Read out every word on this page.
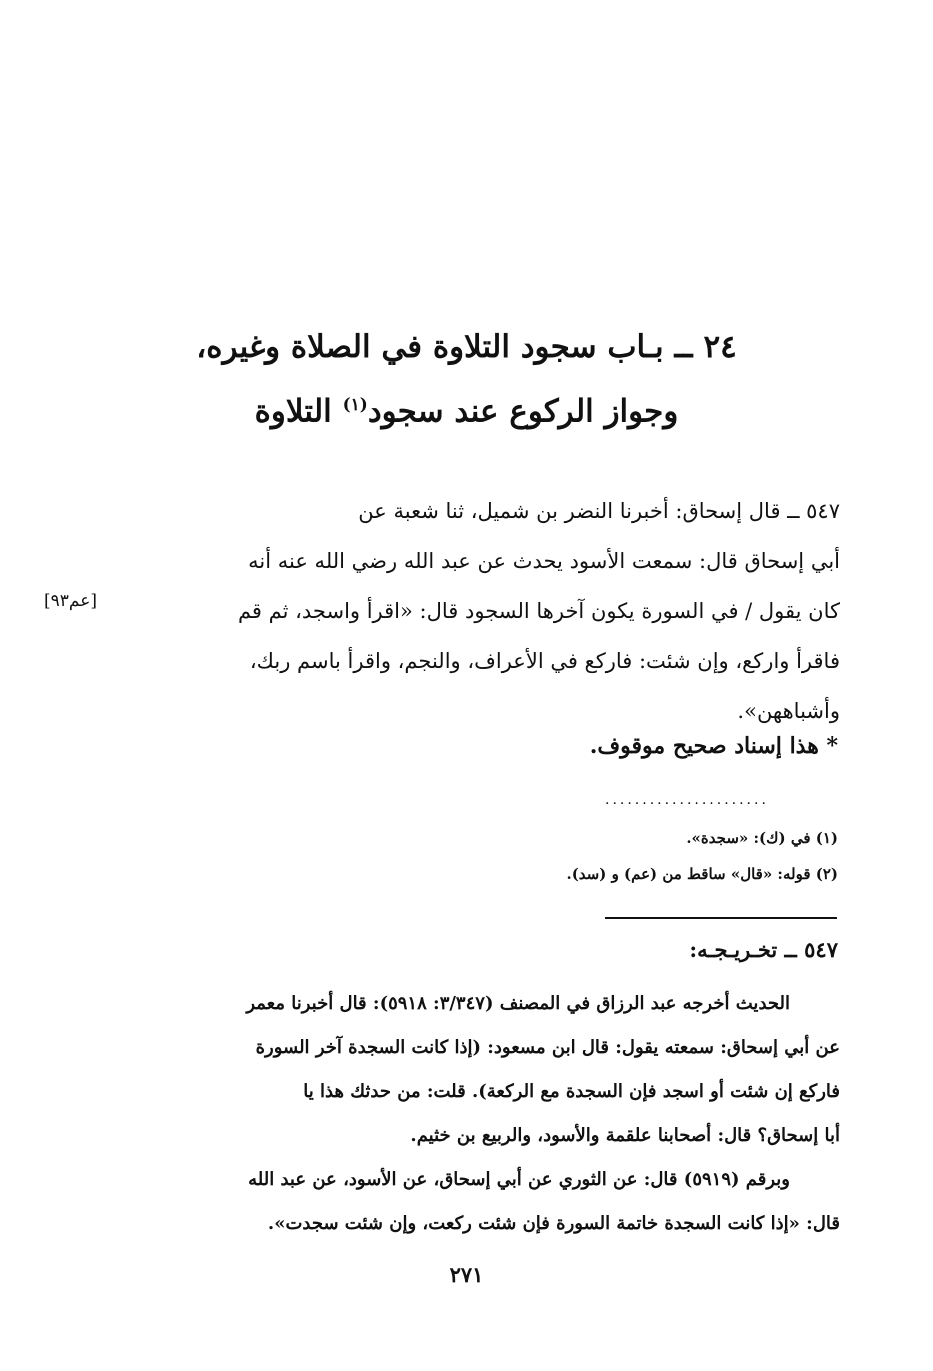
٢٤ ــ بـاب سجود التلاوة في الصلاة وغيره،
وجواز الركوع عند سجود$^{(١)}$ التلاوة
٥٤٧ ــ قال إسحاق: أخبرنا النضر بن شميل، ثنا شعبة عن
أبي إسحاق قال: سمعت الأسود يحدث عن عبد الله رضي الله عنه أنه
كان يقول / في السورة يكون آخرها السجود قال: «اقرأ واسجد، ثم قم
فاقرأ واركع، وإن شئت: فاركع في الأعراف، والنجم، واقرأ باسم ربك،
وأشباههن».
[عم٩٣]
* هذا إسناد صحيح موقوف.
......................
(١) في (ك): «سجدة».
(٢) قوله: «قال» ساقط من (عم) و (سد).
٥٤٧ ــ تخـريـجـه:
الحديث أخرجه عبد الرزاق في المصنف (٣/٣٤٧: ٥٩١٨): قال أخبرنا معمر
عن أبي إسحاق: سمعته يقول: قال ابن مسعود: (إذا كانت السجدة آخر السورة
فاركع إن شئت أو اسجد فإن السجدة مع الركعة). قلت: من حدثك هذا يا
أبا إسحاق؟ قال: أصحابنا علقمة والأسود، والربيع بن خثيم.
وبرقم (٥٩١٩) قال: عن الثوري عن أبي إسحاق، عن الأسود، عن عبد الله
قال: «إذا كانت السجدة خاتمة السورة فإن شئت ركعت، وإن شئت سجدت».
٢٧١
